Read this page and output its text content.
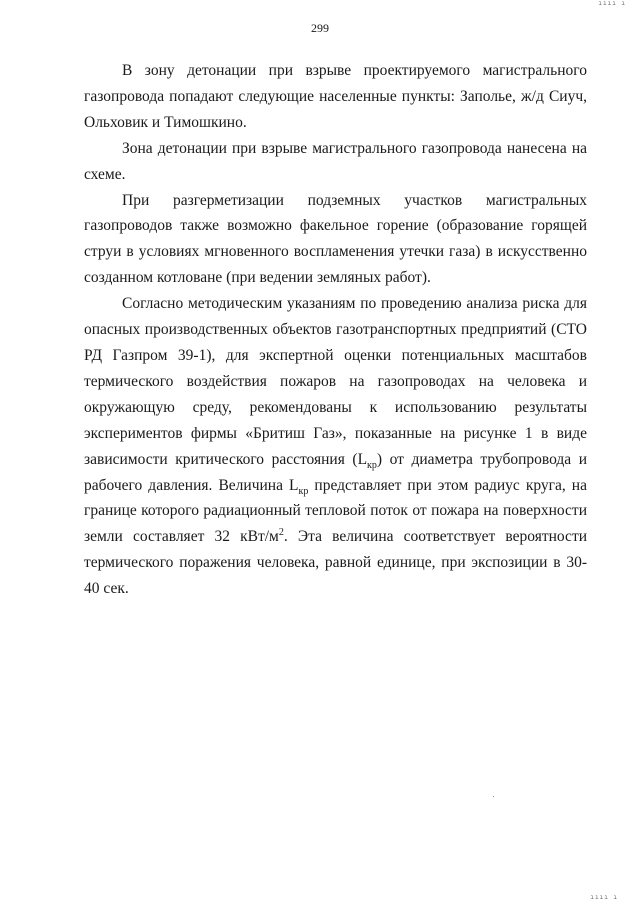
ıııı ı
299

В зону детонации при взрыве проектируемого магистрального газопровода попадают следующие населенные пункты: Заполье, ж/д Сиуч, Ольховик и Тимошкино.

Зона детонации при взрыве магистрального газопровода нанесена на схеме.

При разгерметизации подземных участков магистральных газопроводов также возможно факельное горение (образование горящей струи в условиях мгновенного воспламенения утечки газа) в искусственно созданном котловане (при ведении земляных работ).

Согласно методическим указаниям по проведению анализа риска для опасных производственных объектов газотранспортных предприятий (СТО РД Газпром 39-1), для экспертной оценки потенциальных масштабов термического воздействия пожаров на газопроводах на человека и окружающую среду, рекомендованы к использованию результаты экспериментов фирмы «Бритиш Газ», показанные на рисунке 1 в виде зависимости критического расстояния $(L_{кр})$ от диаметра трубопровода и рабочего давления. Величина $L_{кр}$ представляет при этом радиус круга, на границе которого радиационный тепловой поток от пожара на поверхности земли составляет 32 кВт/$м^2$. Эта величина соответствует вероятности термического поражения человека, равной единице, при экспозиции в 30-40 сек.

ıııı ı
